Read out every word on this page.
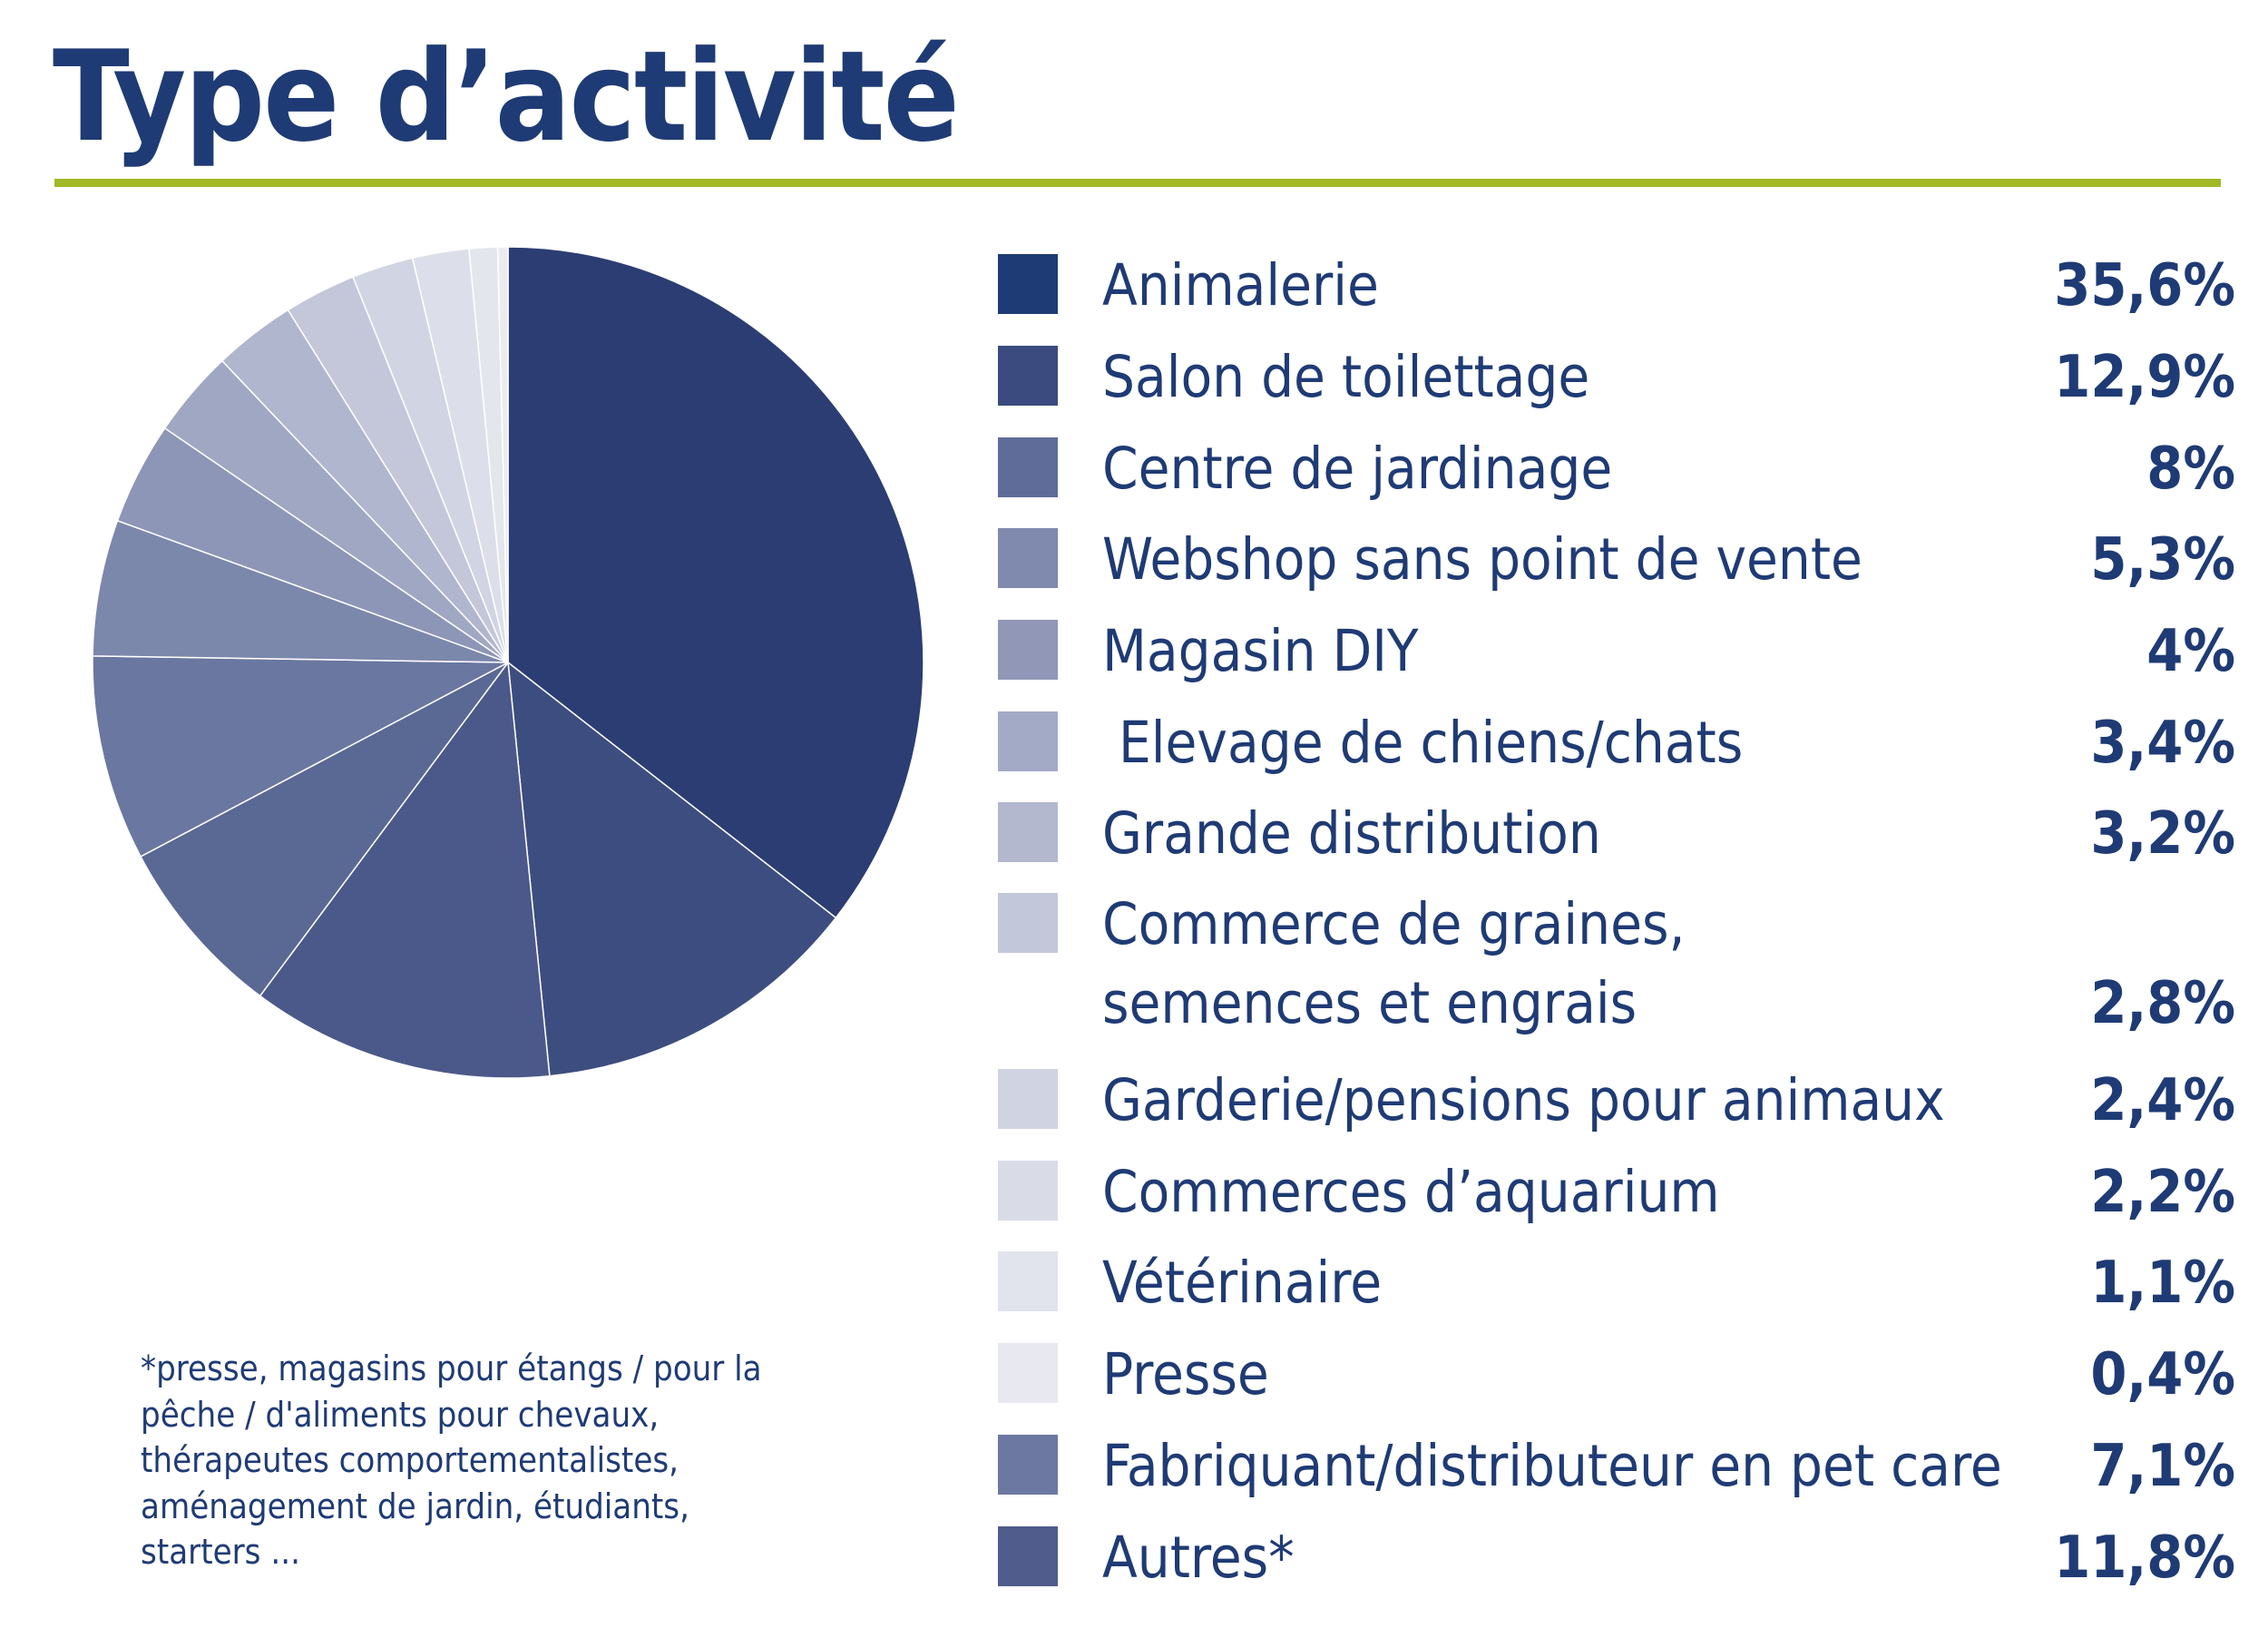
Type d’activité
Animalerie	35,6%
Salon de toilettage	12,9%
Centre de jardinage	8%
Webshop sans point de vente	5,3%
Magasin DIY	4%
Elevage de chiens/chats	3,4%
Grande distribution	3,2%
Commerce de graines,
semences et engrais	2,8%
Garderie/pensions pour animaux	2,4%
Commerces d’aquarium	2,2%
Vétérinaire	1,1%
Presse	0,4%
Fabriquant/distributeur en pet care 7,1%
Autres*	11,8%

*presse, magasins pour étangs / pour la pêche / d'aliments pour chevaux, thérapeutes comportementalistes, aménagement de jardin, étudiants, starters ...
